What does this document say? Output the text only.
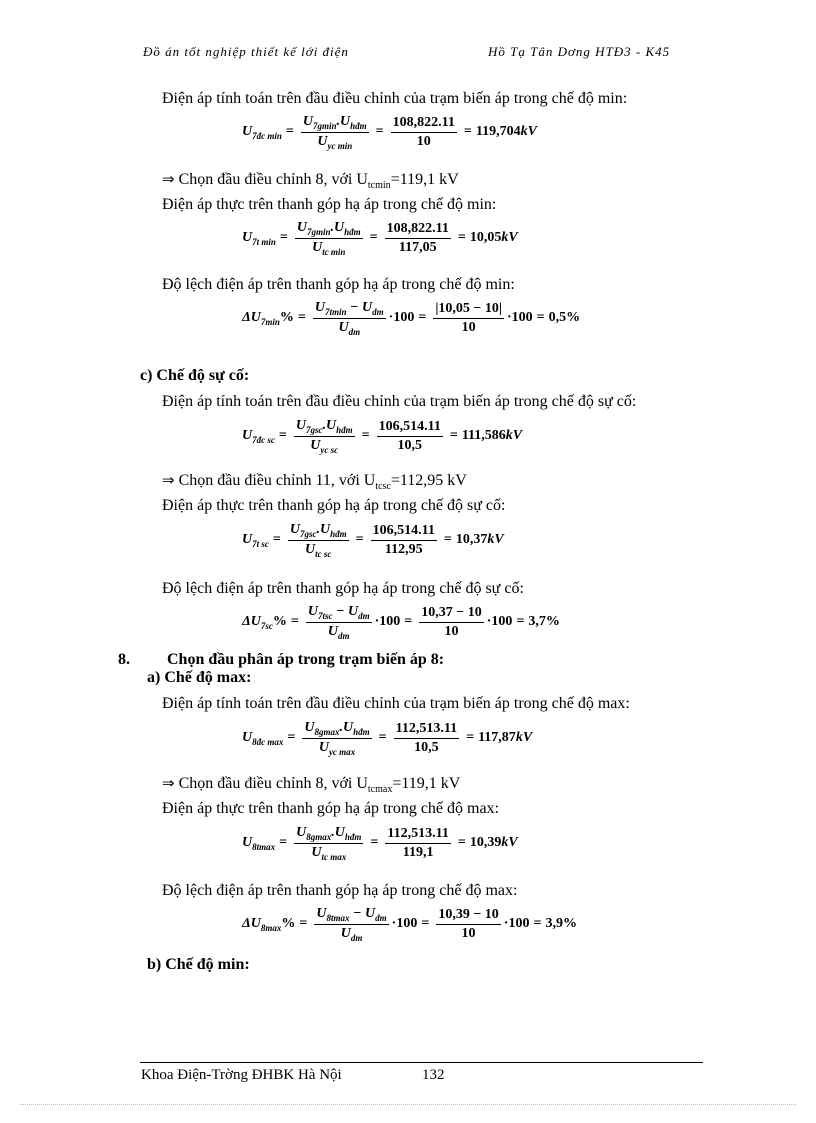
Đồ án tốt nghiệp thiết kế lới điện	Hồ Tạ Tân Dơng HTĐ3 - K45
Điện áp tính toán trên đầu điều chỉnh của trạm biến áp trong chế độ min:
$U_{7đc min} = \frac{U_{7gmin}.U_{hđm}}{U_{yc min}} = \frac{108,822.11}{10} = 119,704$ kV
⇒ Chọn đầu điều chỉnh 8, với $U_{tcmin}=119,1$ kV
Điện áp thực trên thanh góp hạ áp trong chế độ min:
$U_{7t min} = \frac{U_{7gmin}.U_{hđm}}{U_{tc min}} = \frac{108,822.11}{117,05} = 10,05$ kV
Độ lệch điện áp trên thanh góp hạ áp trong chế độ min:
$\Delta U_{7min}$ % = $\frac{U_{7tmin} - U_{dm}}{U_{dm}} \cdot 100 = \frac{|10,05 - 10|}{10} \cdot 100 = 0,5\%$
c) Chế độ sự cố:
Điện áp tính toán trên đầu điều chỉnh của trạm biến áp trong chế độ sự cố:
$U_{7đc sc} = \frac{U_{7gsc}.U_{hđm}}{U_{yc sc}} = \frac{106,514.11}{10,5} = 111,586$ kV
⇒ Chọn đầu điều chỉnh 11, với $U_{tcsc}=112,95$ kV
Điện áp thực trên thanh góp hạ áp trong chế độ sự cố:
$U_{7t sc} = \frac{U_{7gsc}.U_{hđm}}{U_{tc sc}} = \frac{106,514.11}{112,95} = 10,37$ kV
Độ lệch điện áp trên thanh góp hạ áp trong chế độ sự cố:
$\Delta U_{7sc}$ % = $\frac{U_{7tsc} - U_{dm}}{U_{dm}} \cdot 100 = \frac{10,37 - 10}{10} \cdot 100 = 3,7\%$
8. Chọn đầu phân áp trong trạm biến áp 8:
a) Chế độ max:
Điện áp tính toán trên đầu điều chỉnh của trạm biến áp trong chế độ max:
$U_{8đc max} = \frac{U_{8gmax}.U_{hđm}}{U_{yc max}} = \frac{112,513.11}{10,5} = 117,87$ kV
⇒ Chọn đầu điều chỉnh 8, với $U_{tcmax}=119,1$ kV
Điện áp thực trên thanh góp hạ áp trong chế độ max:
$U_{8tmax} = \frac{U_{8gmax}.U_{hđm}}{U_{tc max}} = \frac{112,513.11}{119,1} = 10,39$ kV
Độ lệch điện áp trên thanh góp hạ áp trong chế độ max:
$\Delta U_{8max}$ % = $\frac{U_{8tmax} - U_{dm}}{U_{dm}} \cdot 100 = \frac{10,39 - 10}{10} \cdot 100 = 3,9\%$
b) Chế độ min:
Khoa Điện-Trờng ĐHBK Hà Nội	132
